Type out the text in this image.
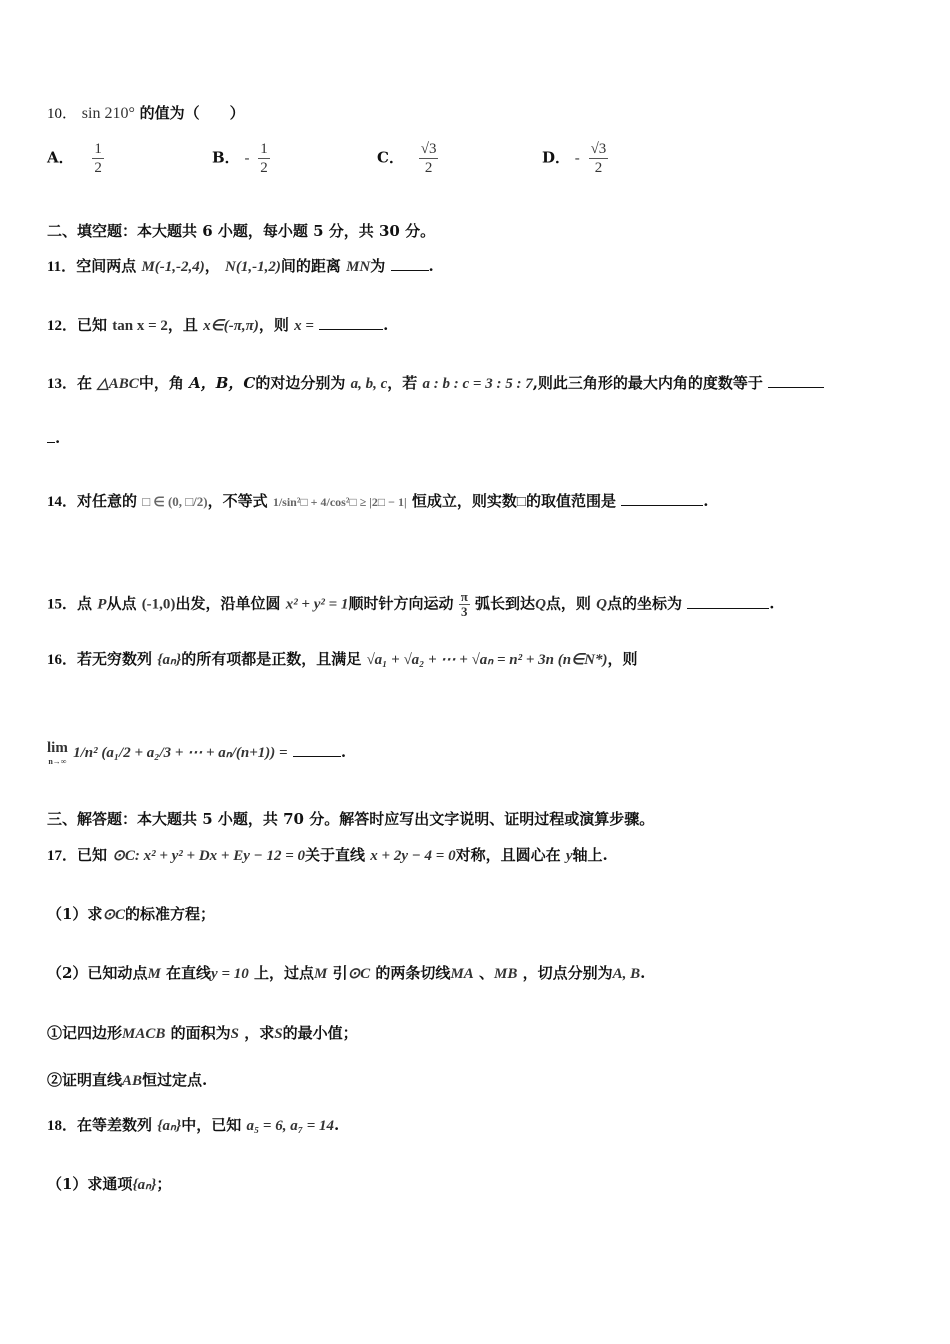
10． sin 210° 的值为（　　）
A． $\frac{1}{2}$	B． - $\frac{1}{2}$	C． $\frac{√3}{2}$	D． - $\frac{√3}{2}$
二、填空题：本大题共 6 小题，每小题 5 分，共 30 分。
11．空间两点 M(-1,-2,4)， N(1,-1,2)间的距离 MN为	.
12．已知 tan x = 2，且 x∈(-π,π)，则 x =	.
13．在 △ABC中，角 A，B，C的对边分别为 a, b, c，若 a : b : c = 3 : 5 : 7,则此三角形的最大内角的度数等于
.
14．对任意的 □ ∈ (0, □/2)，不等式 1/sin²□ + 4/cos²□ ≥ |2□ − 1| 恒成立，则实数□的取值范围是	.
15．点 P从点 (-1,0)出发，沿单位圆 x² + y² = 1顺时针方向运动 $\frac{\pi}{3}$ 弧长到达Q点，则 Q点的坐标为	.
16．若无穷数列 {aₙ}的所有项都是正数，且满足 √a₁ + √a₂ + ⋯ + √aₙ = n² + 3n (n∈N*)，则
lim
n→∞
1/n² (a₁/2 + a₂/3 + ⋯ + aₙ/(n+1)) =	.
三、解答题：本大题共 5 小题，共 70 分。解答时应写出文字说明、证明过程或演算步骤。
17．已知 ⊙C: x² + y² + Dx + Ey − 12 = 0关于直线 x + 2y − 4 = 0对称，且圆心在 y轴上.
（1）求⊙C的标准方程；
（2）已知动点M 在直线y = 10 上，过点M 引⊙C 的两条切线MA 、MB ，切点分别为A, B.
①记四边形MACB 的面积为S ，求S的最小值；
②证明直线AB恒过定点.
18．在等差数列 {aₙ}中，已知 a₅ = 6, a₇ = 14.
（1）求通项{aₙ}；
